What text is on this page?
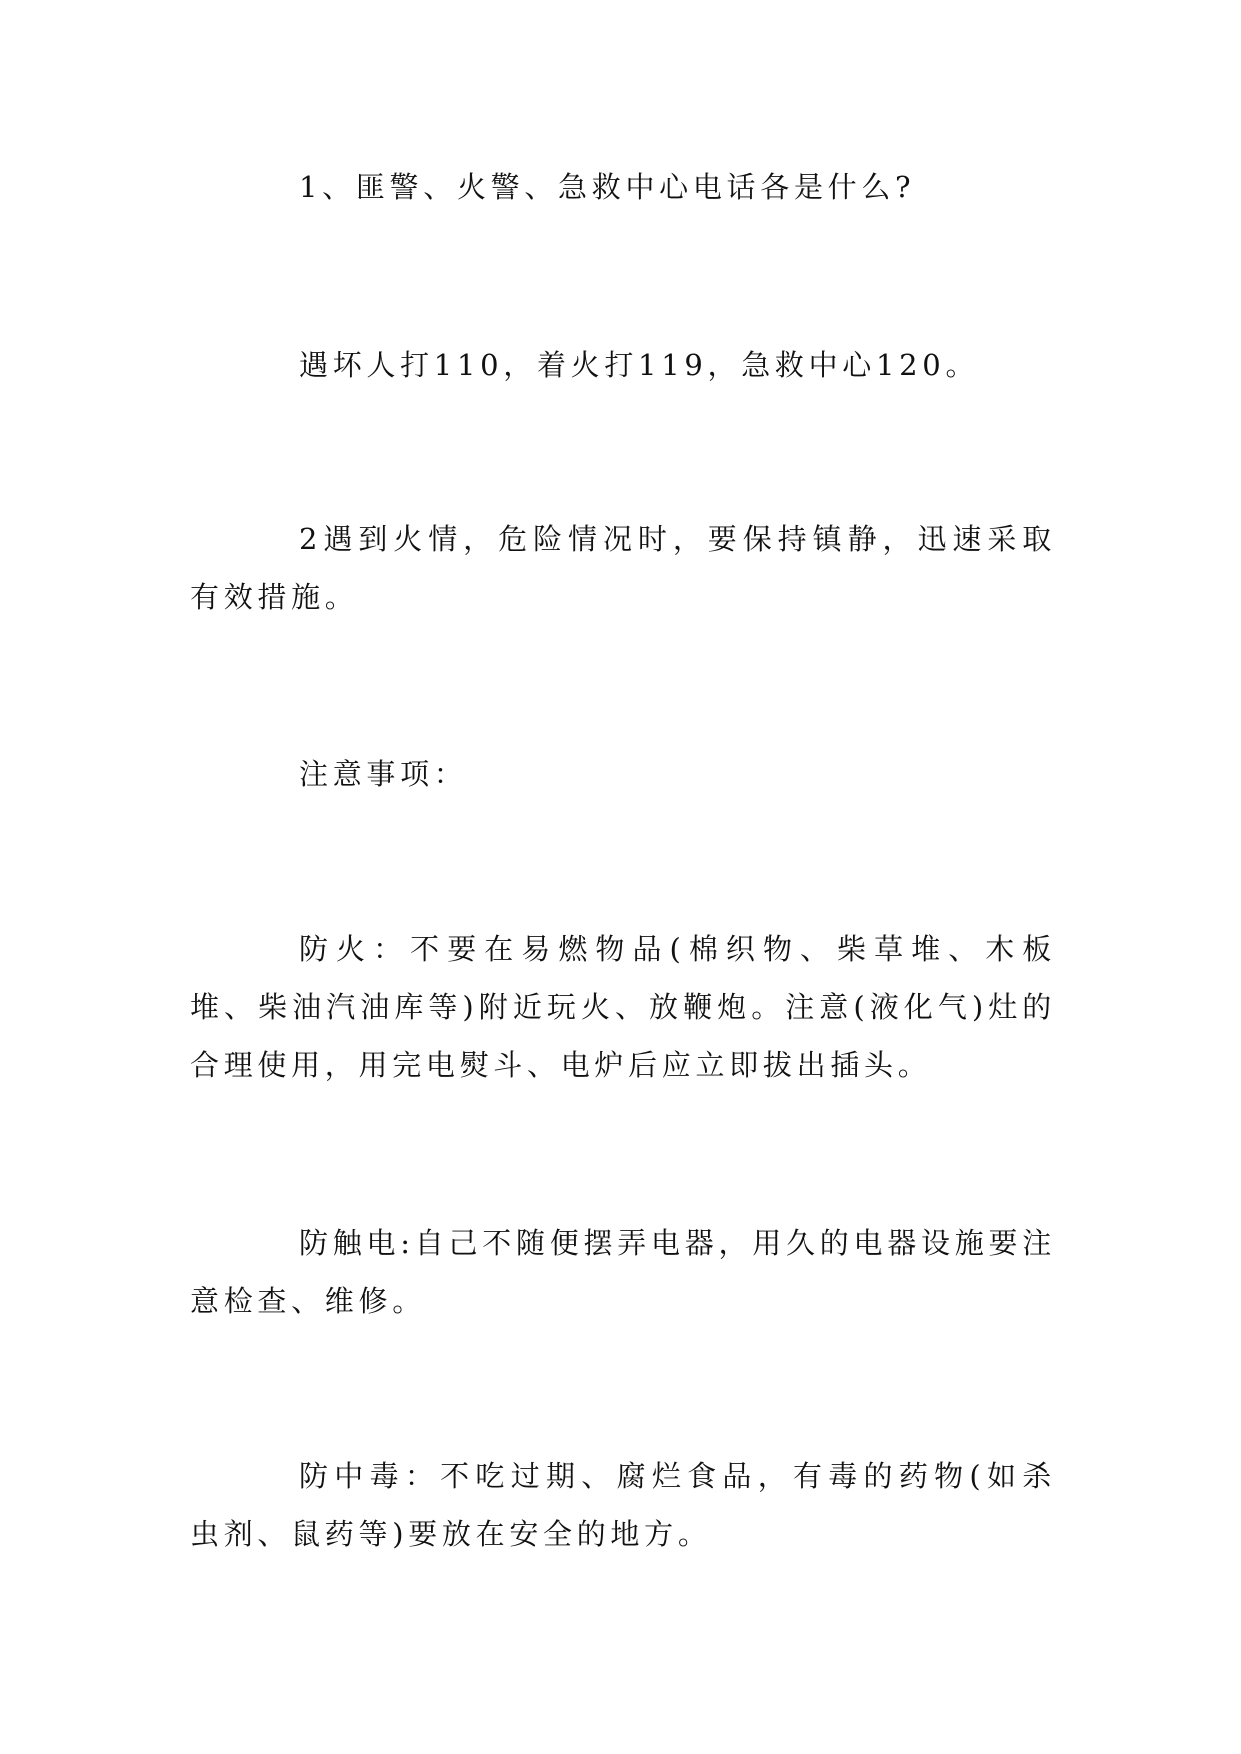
1、匪警、火警、急救中心电话各是什么?

遇坏人打110，着火打119，急救中心120。

2遇到火情，危险情况时，要保持镇静，迅速采取有效措施。

注意事项：

防火：不要在易燃物品(棉织物、柴草堆、木板堆、柴油汽油库等)附近玩火、放鞭炮。注意(液化气)灶的合理使用，用完电熨斗、电炉后应立即拔出插头。

防触电:自己不随便摆弄电器，用久的电器设施要注意检查、维修。

防中毒：不吃过期、腐烂食品，有毒的药物(如杀虫剂、鼠药等)要放在安全的地方。
